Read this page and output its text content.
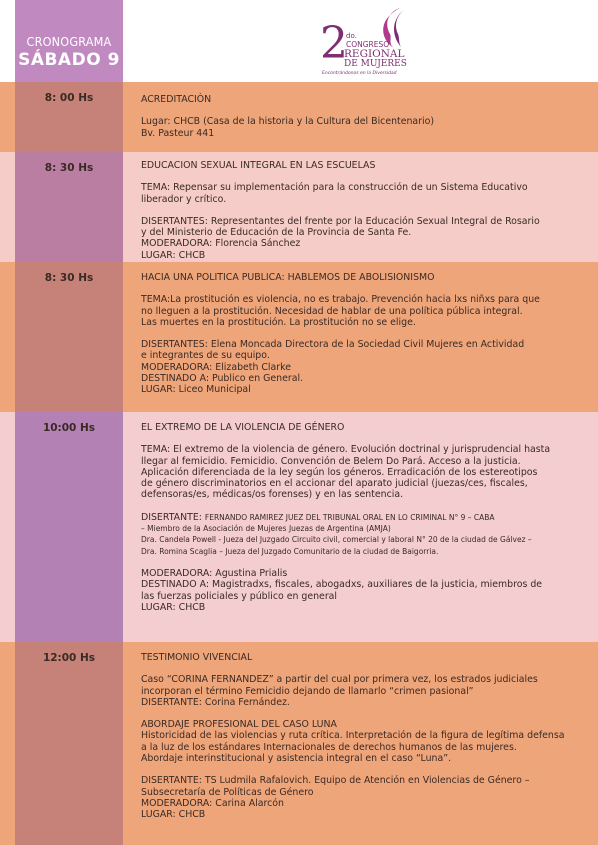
CRONOGRAMA
SÁBADO 9	2
do.
CONGRESO
REGIONAL
DE MUJERES
Encontrándonos en la Diversidad
8: 00 Hs	ACREDITACIÒN

Lugar: CHCB (Casa de la historia y la Cultura del Bicentenario)

Bv. Pasteur 441

8: 30 Hs	EDUCACION SEXUAL INTEGRAL EN LAS ESCUELAS

TEMA: Repensar su implementación para la construcción de un Sistema Educativo

liberador y crítico.

DISERTANTES: Representantes del frente por la Educación Sexual Integral de Rosario

y del Ministerio de Educación de la Provincia de Santa Fe.

MODERADORA: Florencia Sánchez

LUGAR: CHCB

8: 30 Hs	HACIA UNA POLITICA PUBLICA: HABLEMOS DE ABOLISIONISMO

TEMA:La prostitución es violencia, no es trabajo. Prevención hacia lxs niñxs para que

no lleguen a la prostitución. Necesidad de hablar de una política pública integral.

Las muertes en la prostitución. La prostitución no se elige.

DISERTANTES: Elena Moncada Directora de la Sociedad Civil Mujeres en Actividad

e integrantes de su equipo.

MODERADORA: Elizabeth Clarke

DESTINADO A: Publico en General.

LUGAR: Liceo Municipal

10:00 Hs	EL EXTREMO DE LA VIOLENCIA DE GÉNERO

TEMA: El extremo de la violencia de género. Evolución doctrinal y jurisprudencial hasta

llegar al femicidio. Femicidio. Convención de Belem Do Pará. Acceso a la justicia.

Aplicación diferenciada de la ley según los géneros. Erradicación de los estereotipos

de género discriminatorios en el accionar del aparato judicial (juezas/ces, fiscales,

defensoras/es, médicas/os forenses) y en las sentencia.

DISERTANTE: FERNANDO RAMIREZ JUEZ DEL TRIBUNAL ORAL EN LO CRIMINAL N° 9 – CABA

– Miembro de la Asociación de Mujeres Juezas de Argentina (AMJA)

Dra. Candela Powell - Jueza del Juzgado Circuito civil, comercial y laboral N° 20 de la ciudad de Gálvez –

Dra. Romina Scaglia – Jueza del Juzgado Comunitario de la ciudad de Baigorria.

MODERADORA: Agustina Prialis

DESTINADO A: Magistradxs, fiscales, abogadxs, auxiliares de la justicia, miembros de

las fuerzas policiales y público en general

LUGAR: CHCB

12:00 Hs	TESTIMONIO VIVENCIAL

Caso “CORINA FERNANDEZ” a partir del cual por primera vez, los estrados judiciales

incorporan el término Femicidio dejando de llamarlo “crimen pasional”

DISERTANTE: Corina Fernández.

ABORDAJE PROFESIONAL DEL CASO LUNA

Historicidad de las violencias y ruta crítica. Interpretación de la figura de legítima defensa

a la luz de los estándares Internacionales de derechos humanos de las mujeres.

Abordaje interinstitucional y asistencia integral en el caso “Luna”.

DISERTANTE: TS Ludmila Rafalovich. Equipo de Atención en Violencias de Género –

Subsecretaría de Políticas de Género

MODERADORA: Carina Alarcón

LUGAR: CHCB
